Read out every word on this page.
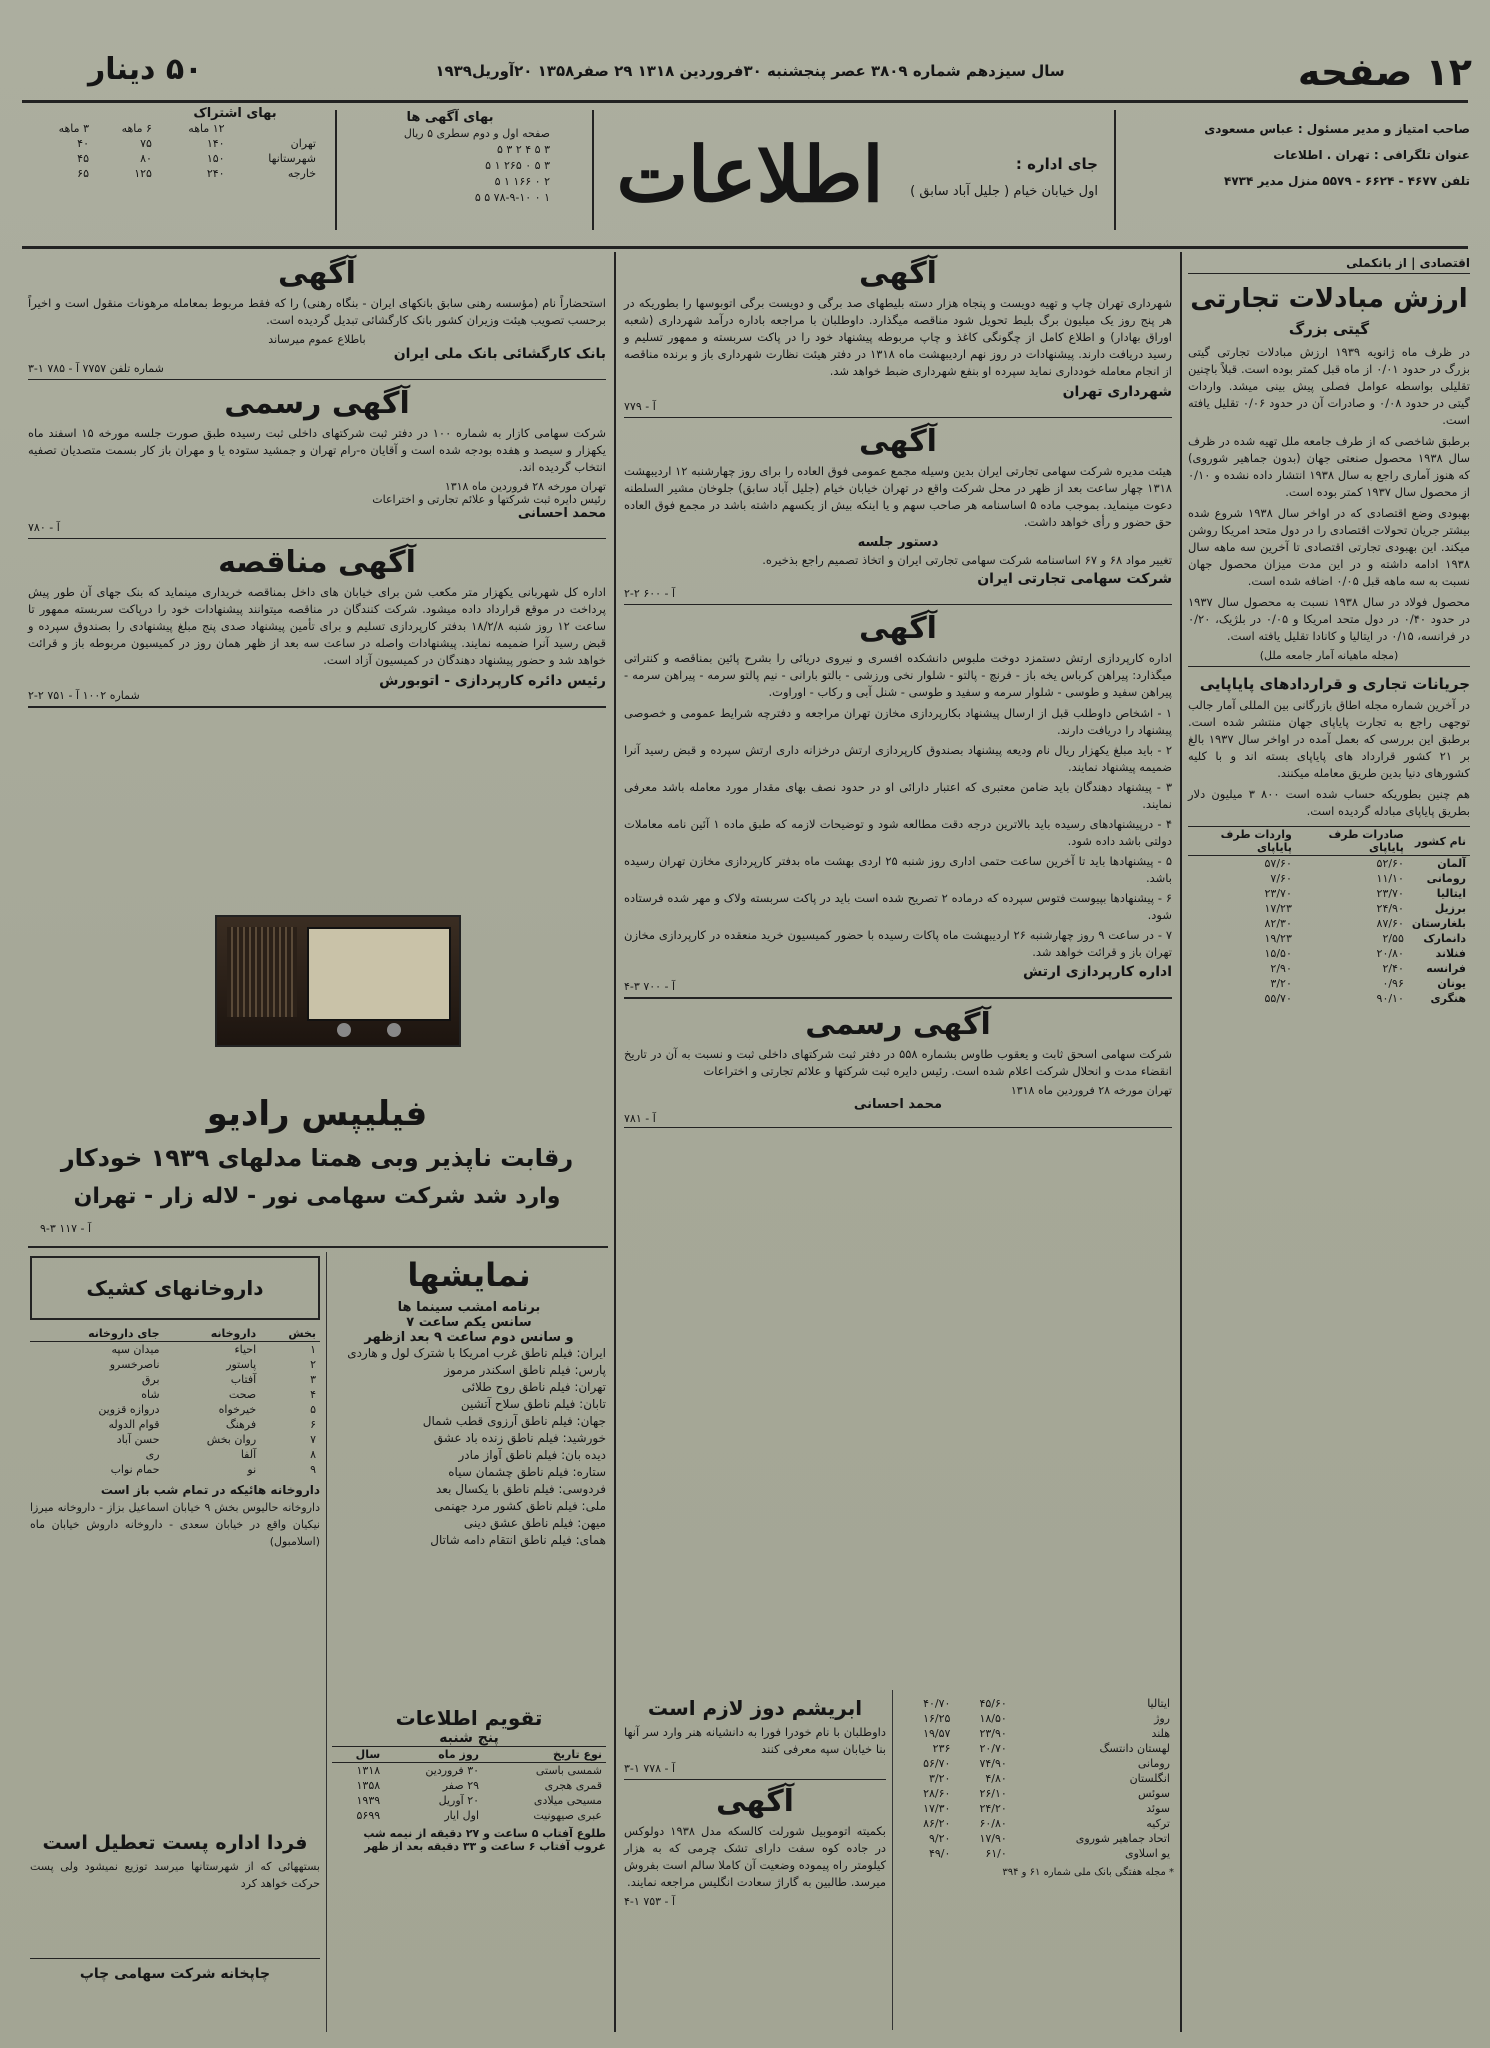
۱۲ صفحه
سال سیزدهم شماره ۳۸۰۹ عصر پنجشنبه ۳۰فروردین ۱۳۱۸ ۲۹ صفر۱۳۵۸ ۲۰آوریل۱۹۳۹
۵۰ دینار
صاحب امتیاز و مدیر مسئول : عباس مسعودی
عنوان تلگرافی : تهران . اطلاعات
تلفن ۴۶۷۷ - ۶۶۲۴ - ۵۵۷۹ منزل مدیر ۴۷۳۴
جای اداره :
اول خیابان خیام ( جلیل آباد سابق )
اطلاعات
بهای آگهی ها
صفحه اول و دوم سطری ۵ ریال
۳ ۵ ۴ ۲ ۳ ۵
۳ ۵ ۰ ۲۶۵ ۱ ۵
۲ ۰ ۱۶۶ ۱ ۵
۱ ۰ ۷۸-۹-۱۰ ۵ ۵
بهای اشتراک
	۱۲ ماهه	۶ ماهه	۳ ماهه
تهران	۱۴۰	۷۵	۴۰
شهرستانها	۱۵۰	۸۰	۴۵
خارجه	۲۴۰	۱۲۵	۶۵
اقتصادی | از بانکملی
ارزش مبادلات تجارتی
گیتی بزرگ

در ظرف ماه ژانویه ۱۹۳۹ ارزش مبادلات تجارتی گیتی بزرگ در حدود ۰/۰۱ از ماه قبل کمتر بوده است. قبلاً باچنین تقلیلی بواسطه عوامل فصلی پیش بینی میشد. واردات گیتی در حدود ۰/۰۸ و صادرات آن در حدود ۰/۰۶ تقلیل یافته است.

برطبق شاخصی که از طرف جامعه ملل تهیه شده در ظرف سال ۱۹۳۸ محصول صنعتی جهان (بدون جماهیر شوروی) که هنوز آماری راجع به سال ۱۹۳۸ انتشار داده نشده و ۰/۱۰ از محصول سال ۱۹۳۷ کمتر بوده است.

بهبودی وضع اقتصادی که در اواخر سال ۱۹۳۸ شروع شده بیشتر جریان تحولات اقتصادی را در دول متحد امریکا روشن میکند. این بهبودی تجارتی اقتصادی تا آخرین سه ماهه سال ۱۹۳۸ ادامه داشته و در این مدت میزان محصول جهان نسبت به سه ماهه قبل ۰/۰۵ اضافه شده است.

محصول فولاد در سال ۱۹۳۸ نسبت به محصول سال ۱۹۳۷ در حدود ۰/۴۰ در دول متحد امریکا و ۰/۰۵ در بلژیک، ۰/۲۰ در فرانسه، ۰/۱۵ در ایتالیا و کانادا تقلیل یافته است.

(مجله ماهیانه آمار جامعه ملل)
جریانات تجاری و قراردادهای پایاپایی

در آخرین شماره مجله اطاق بازرگانی بین المللی آمار جالب توجهی راجع به تجارت پایاپای جهان منتشر شده است. برطبق این بررسی که بعمل آمده در اواخر سال ۱۹۳۷ بالغ بر ۲۱ کشور قرارداد های پایاپای بسته اند و با کلیه کشورهای دنیا بدین طریق معامله میکنند.

هم چنین بطوریکه حساب شده است ۸۰۰ ۳ میلیون دلار بطریق پایاپای مبادله گردیده است.

نام کشور	صادرات طرف پایاپای	واردات طرف پایاپای
آلمان	۵۲/۶۰	۵۷/۶۰
رومانی	۱۱/۱۰	۷/۶۰
ایتالیا	۲۳/۷۰	۲۳/۷۰
برزیل	۲۴/۹۰	۱۷/۲۳
بلغارستان	۸۷/۶۰	۸۲/۳۰
دانمارک	۲/۵۵	۱۹/۲۳
فنلاند	۲۰/۸۰	۱۵/۵۰
فرانسه	۲/۴۰	۲/۹۰
یونان	۰/۹۶	۳/۲۰
هنگری	۹۰/۱۰	۵۵/۷۰
آگهی

شهرداری تهران چاپ و تهیه دویست و پنجاه هزار دسته بلیطهای صد برگی و دویست برگی اتوبوسها را بطوریکه در هر پنج روز یک میلیون برگ بلیط تحویل شود مناقصه میگذارد. داوطلبان با مراجعه باداره درآمد شهرداری (شعبه اوراق بهادار) و اطلاع کامل از چگونگی کاغذ و چاپ مربوطه پیشنهاد خود را در پاکت سربسته و ممهور تسلیم و رسید دریافت دارند. پیشنهادات در روز نهم اردیبهشت ماه ۱۳۱۸ در دفتر هیئت نظارت شهرداری باز و برنده مناقصه از انجام معامله خودداری نماید سپرده او بنفع شهرداری ضبط خواهد شد.

شهرداری تهران
آ - ۷۷۹
آگهی

هیئت مدیره شرکت سهامی تجارتی ایران بدین وسیله مجمع عمومی فوق العاده را برای روز چهارشنبه ۱۲ اردیبهشت ۱۳۱۸ چهار ساعت بعد از ظهر در محل شرکت واقع در تهران خیابان خیام (جلیل آباد سابق) جلوخان مشیر السلطنه دعوت مینماید. بموجب ماده ۵ اساسنامه هر صاحب سهم و یا اینکه بیش از یکسهم داشته باشد در مجمع فوق العاده حق حضور و رأی خواهد داشت.

دستور جلسه

تغییر مواد ۶۸ و ۶۷ اساسنامه شرکت سهامی تجارتی ایران و اتخاذ تصمیم راجع بذخیره.

شرکت سهامی تجارتی ایران
آ - ۶۰۰ ۲-۲
آگهی

اداره کارپردازی ارتش دستمزد دوخت ملبوس دانشکده افسری و نیروی دریائی را بشرح پائین بمناقصه و کنتراتی میگذارد: پیراهن کرباس یخه باز - فرنچ - پالتو - شلوار نخی ورزشی - بالتو بارانی - نیم پالتو سرمه - پیراهن سرمه - پیراهن سفید و طوسی - شلوار سرمه و سفید و طوسی - شنل آبی و رکاب - اوراوت.

۱ - اشخاص داوطلب قبل از ارسال پیشنهاد بکارپردازی مخازن تهران مراجعه و دفترچه شرایط عمومی و خصوصی پیشنهاد را دریافت دارند.

۲ - باید مبلغ یکهزار ریال نام ودیعه پیشنهاد بصندوق کارپردازی ارتش درخزانه داری ارتش سپرده و قبض رسید آنرا ضمیمه پیشنهاد نمایند.

۳ - پیشنهاد دهندگان باید ضامن معتبری که اعتبار دارائی او در حدود نصف بهای مقدار مورد معامله باشد معرفی نمایند.

۴ - درپیشنهادهای رسیده باید بالاترین درجه دقت مطالعه شود و توضیحات لازمه که طبق ماده ۱ آئین نامه معاملات دولتی باشد داده شود.

۵ - پیشنهادها باید تا آخرین ساعت حتمی اداری روز شنبه ۲۵ اردی بهشت ماه بدفتر کارپردازی مخازن تهران رسیده باشد.

۶ - پیشنهادها بپیوست فتوس سپرده که درماده ۲ تصریح شده است باید در پاکت سربسته ولاک و مهر شده فرستاده شود.

۷ - در ساعت ۹ روز چهارشنبه ۲۶ اردیبهشت ماه پاکات رسیده با حضور کمیسیون خرید منعقده در کارپردازی مخازن تهران باز و قرائت خواهد شد.

اداره کارپردازی ارتش
آ - ۷۰۰ ۳-۴
آگهی رسمی

شرکت سهامی اسحق ثابت و یعقوب طاوس بشماره ۵۵۸ در دفتر ثبت شرکتهای داخلی ثبت و نسبت به آن در تاریخ انقضاء مدت و انحلال شرکت اعلام شده است. رئیس دایره ثبت شرکتها و علائم تجارتی و اختراعات

تهران مورخه ۲۸ فروردین ماه ۱۳۱۸
محمد احسانی
آ - ۷۸۱
ابریشم دوز لازم است

داوطلبان با نام خودرا فورا به دانشیانه هنر وارد سر آنها بنا خیابان سپه معرفی کنند

آ - ۷۷۸ ۱-۳
آگهی

بکمیته اتوموبیل شورلت کالسکه مدل ۱۹۳۸ دولوکس در جاده کوه سفت دارای تشک چرمی که به هزار کیلومتر راه پیموده وضعیت آن کاملا سالم است بفروش میرسد. طالبین به گاراژ سعادت انگلیس مراجعه نمایند.

آ - ۷۵۳ ۱-۴
ایتالیا	۴۵/۶۰	۴۰/۷۰
روژ	۱۸/۵۰	۱۶/۲۵
هلند	۲۳/۹۰	۱۹/۵۷
لهستان دانتسگ	۲۰/۷۰	۲۳۶
رومانی	۷۴/۹۰	۵۶/۷۰
انگلستان	۴/۸۰	۳/۲۰
سوئس	۲۶/۱۰	۲۸/۶۰
سوئد	۲۴/۲۰	۱۷/۳۰
ترکیه	۶۰/۸۰	۸۶/۲۰
اتحاد جماهیر شوروی	۱۷/۹۰	۹/۲۰
یو اسلاوی	۶۱/۰	۴۹/۰
* مجله هفتگی بانک ملی شماره ۶۱ و ۳۹۴
آگهی

استحضاراً نام (مؤسسه رهنی سابق بانکهای ایران - بنگاه رهنی) را که فقط مربوط بمعامله مرهونات منقول است و اخیراً برحسب تصویب هیئت وزیران کشور بانک کارگشائی تبدیل گردیده است.

باطلاع عموم میرساند
بانک کارگشائی بانک ملی ایران
شماره تلفن ۷۷۵۷ آ - ۷۸۵ ۱-۳
آگهی رسمی

شرکت سهامی کازار به شماره ۱۰۰ در دفتر ثبت شرکتهای داخلی ثبت رسیده طبق صورت جلسه مورخه ۱۵ اسفند ماه یکهزار و سیصد و هفده بودجه شده است و آقایان ه-رام تهران و جمشید ستوده یا و مهران باز کار بسمت متصدیان تصفیه انتخاب گردیده اند.

تهران مورخه ۲۸ فروردین ماه ۱۳۱۸
رئیس دایره ثبت شرکتها و علائم تجارتی و اختراعات
محمد احسانی
آ - ۷۸۰
آگهی مناقصه

اداره کل شهربانی یکهزار متر مکعب شن برای خیابان های داخل بمناقصه خریداری مینماید که بنک جهای آن طور پیش پرداخت در موقع قرارداد داده میشود. شرکت کنندگان در مناقصه میتوانند پیشنهادات خود را درپاکت سربسته ممهور تا ساعت ۱۲ روز شنبه ۱۸/۲/۸ بدفتر کارپردازی تسلیم و برای تأمین پیشنهاد صدی پنج مبلغ پیشنهادی را بصندوق سپرده و قبض رسید آنرا ضمیمه نمایند. پیشنهادات واصله در ساعت سه بعد از ظهر همان روز در کمیسیون مربوطه باز و قرائت خواهد شد و حضور پیشنهاد دهندگان در کمیسیون آزاد است.

رئیس دائره کارپردازی - اتوبورش
شماره ۱۰۰۲ آ - ۷۵۱ ۲-۲
فیلیپس رادیو
رقابت ناپذیر وبی همتا مدلهای ۱۹۳۹ خودکار
وارد شد شرکت سهامی نور - لاله زار - تهران
آ - ۱۱۷ ۳-۹
نمایشها
برنامه امشب سینما ها
سانس یکم ساعت ۷
و سانس دوم ساعت ۹ بعد ازظهر
ایران: فیلم ناطق غرب امریکا با شترک لول و هاردی
پارس: فیلم ناطق اسکندر مرموز
تهران: فیلم ناطق روح طلائی
تابان: فیلم ناطق سلاح آتشین
جهان: فیلم ناطق آرزوی قطب شمال
خورشید: فیلم ناطق زنده باد عشق
دیده بان: فیلم ناطق آواز مادر
ستاره: فیلم ناطق چشمان سیاه
فردوسی: فیلم ناطق با یکسال بعد
ملی: فیلم ناطق کشور مرد جهنمی
میهن: فیلم ناطق عشق دینی
همای: فیلم ناطق انتقام دامه شاتال
داروخانهای کشیک
بخش	داروخانه	جای داروخانه
۱	احیاء	میدان سپه
۲	پاستور	ناصرخسرو
۳	آفتاب	برق
۴	صحت	شاه
۵	خیرخواه	دروازه قزوین
۶	فرهنگ	قوام الدوله
۷	روان بخش	حسن آباد
۸	آلفا	ری
۹	نو	حمام نواب
داروخانه هائیکه در تمام شب باز است

داروخانه حالیوس بخش ۹ خیابان اسماعیل بزاز - داروخانه میرزا نیکیان واقع در خیابان سعدی - داروخانه داروش خیابان ماه (اسلامبول)

تقویم اطلاعات
پنج شنبه
نوع تاریخ	روز ماه	سال
شمسی باستی	۳۰ فروردین	۱۳۱۸
قمری هجری	۲۹ صفر	۱۳۵۸
مسیحی میلادی	۲۰ آوریل	۱۹۳۹
عبری صیهونیت	اول ایار	۵۶۹۹
طلوع آفتاب ۵ ساعت و ۲۷ دقیقه از نیمه شب
غروب آفتاب ۶ ساعت و ۳۳ دقیقه بعد از ظهر
فردا اداره پست تعطیل است

بستههائی که از شهرستانها میرسد توزیع نمیشود ولی پست حرکت خواهد کرد

چاپخانه شرکت سهامی چاپ
